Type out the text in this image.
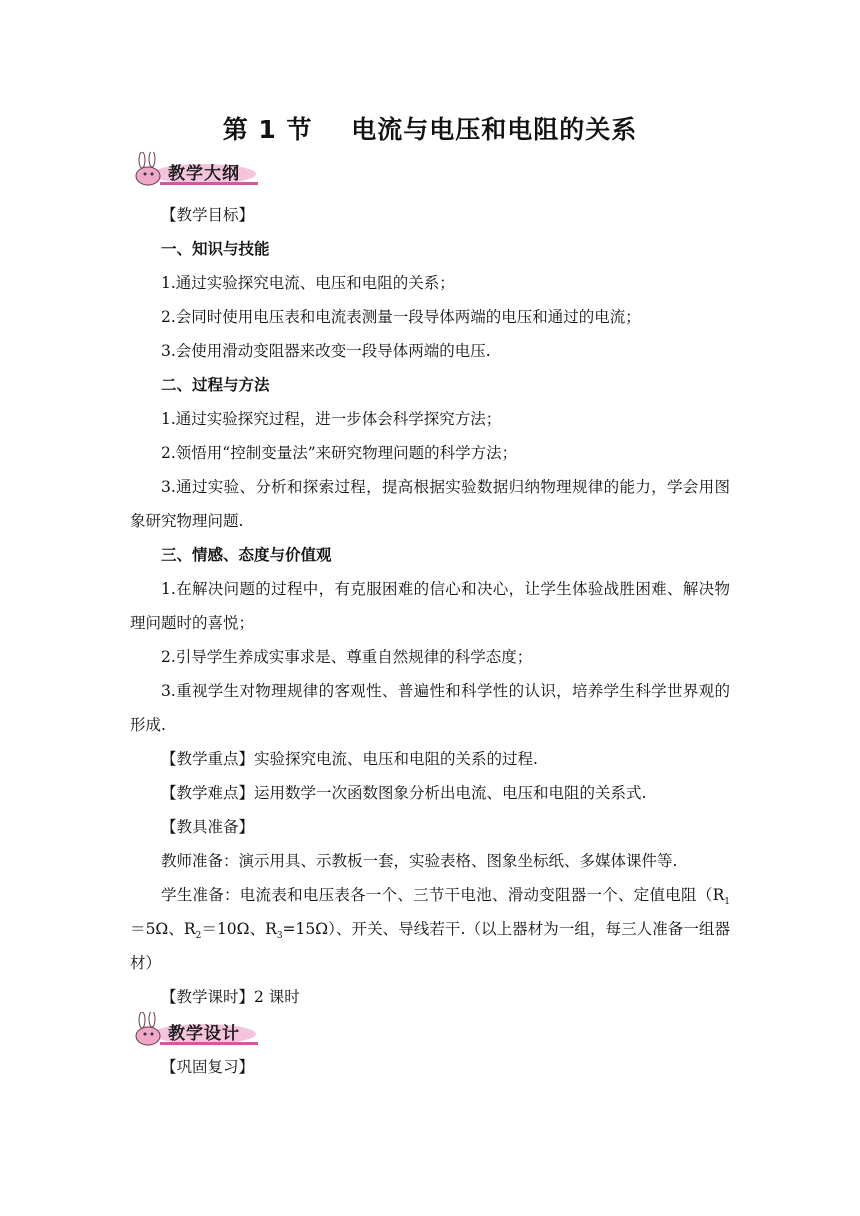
第 1 节    电流与电压和电阻的关系
教学大纲

【教学目标】

一、知识与技能

1.通过实验探究电流、电压和电阻的关系；

2.会同时使用电压表和电流表测量一段导体两端的电压和通过的电流；

3.会使用滑动变阻器来改变一段导体两端的电压.

二、过程与方法

1.通过实验探究过程，进一步体会科学探究方法；

2.领悟用“控制变量法”来研究物理问题的科学方法；

3.通过实验、分析和探索过程，提高根据实验数据归纳物理规律的能力，学会用图象研究物理问题.

三、情感、态度与价值观

1.在解决问题的过程中，有克服困难的信心和决心，让学生体验战胜困难、解决物理问题时的喜悦；

2.引导学生养成实事求是、尊重自然规律的科学态度；

3.重视学生对物理规律的客观性、普遍性和科学性的认识，培养学生科学世界观的形成.

【教学重点】实验探究电流、电压和电阻的关系的过程.

【教学难点】运用数学一次函数图象分析出电流、电压和电阻的关系式.

【教具准备】

教师准备：演示用具、示教板一套，实验表格、图象坐标纸、多媒体课件等.

学生准备：电流表和电压表各一个、三节干电池、滑动变阻器一个、定值电阻（$R_1=5\Omega$、$R_2=10\Omega$、$R_3=15\Omega$）、开关、导线若干.（以上器材为一组，每三人准备一组器材）

【教学课时】2 课时

教学设计

【巩固复习】
